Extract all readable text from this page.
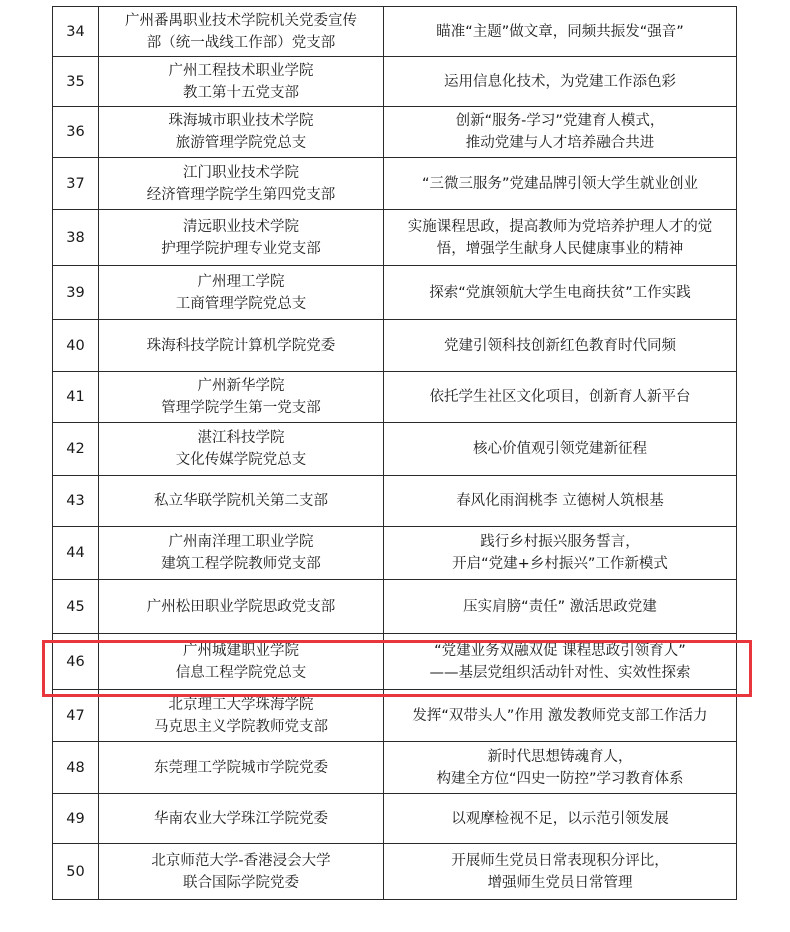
34	广州番禺职业技术学院机关党委宣传
部（统一战线工作部）党支部	瞄准“主题”做文章，同频共振发“强音”

35	广州工程技术职业学院
教工第十五党支部	运用信息化技术，为党建工作添色彩

36	珠海城市职业技术学院
旅游管理学院党总支	创新“服务-学习”党建育人模式，
推动党建与人才培养融合共进

37	江门职业技术学院
经济管理学院学生第四党支部	“三微三服务”党建品牌引领大学生就业创业

38	清远职业技术学院
护理学院护理专业党支部	实施课程思政，提高教师为党培养护理人才的觉
悟，增强学生献身人民健康事业的精神

39	广州理工学院
工商管理学院党总支	探索“党旗领航大学生电商扶贫”工作实践

40	珠海科技学院计算机学院党委	党建引领科技创新红色教育时代同频

41	广州新华学院
管理学院学生第一党支部	依托学生社区文化项目，创新育人新平台

42	湛江科技学院
文化传媒学院党总支	核心价值观引领党建新征程

43	私立华联学院机关第二支部	春风化雨润桃李 立德树人筑根基

44	广州南洋理工职业学院
建筑工程学院教师党支部	践行乡村振兴服务誓言，
开启“党建+乡村振兴”工作新模式

45	广州松田职业学院思政党支部	压实肩膀“责任” 激活思政党建

46	广州城建职业学院
信息工程学院党总支	“党建业务双融双促 课程思政引领育人”
——基层党组织活动针对性、实效性探索

47	北京理工大学珠海学院
马克思主义学院教师党支部	发挥“双带头人”作用 激发教师党支部工作活力

48	东莞理工学院城市学院党委	新时代思想铸魂育人，
构建全方位“四史一防控”学习教育体系

49	华南农业大学珠江学院党委	以观摩检视不足，以示范引领发展

50	北京师范大学-香港浸会大学
联合国际学院党委	开展师生党员日常表现积分评比，
增强师生党员日常管理
